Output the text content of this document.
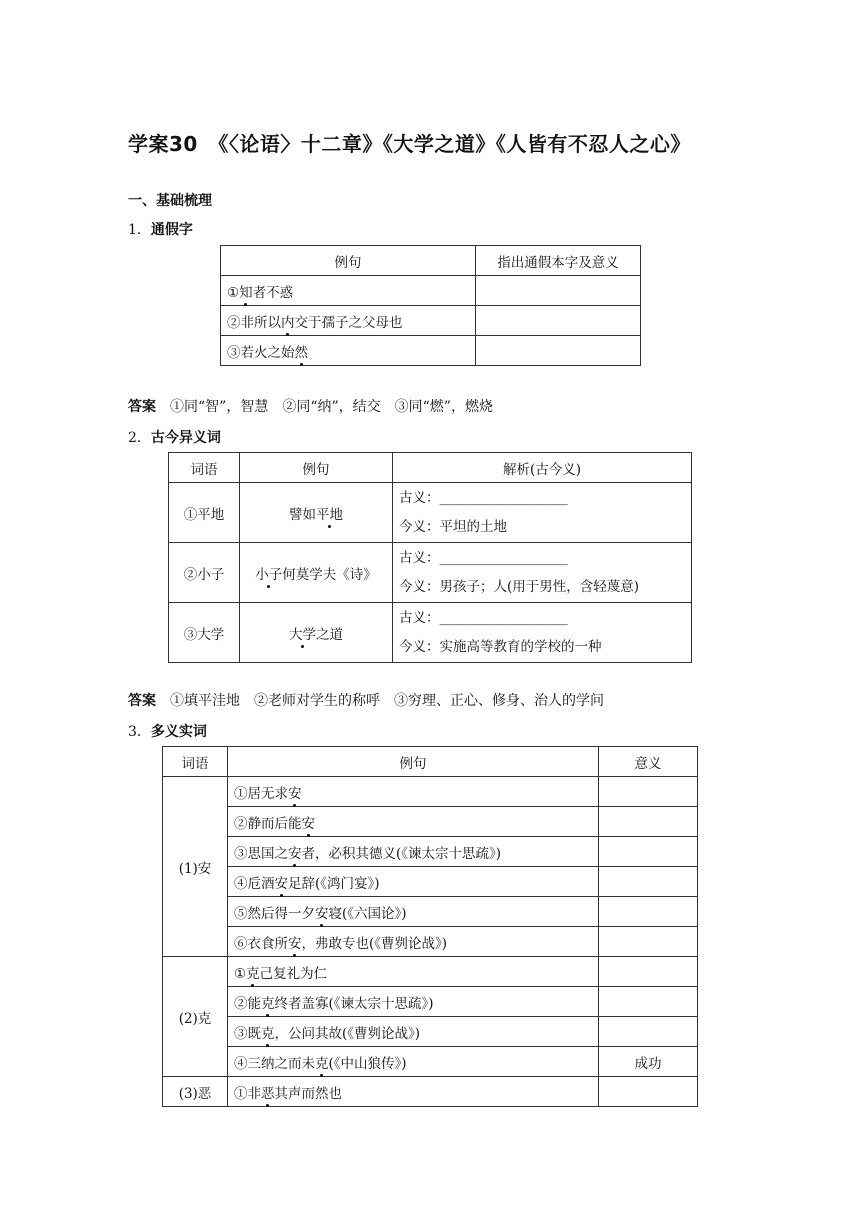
学案30　《〈论语〉十二章》《大学之道》《人皆有不忍人之心》
一、基础梳理
1．通假字
例句	指出通假本字及意义
①知者不惑	
②非所以内交于孺子之父母也	
③若火之始然	
答案 ①同“智”，智慧　②同“纳”，结交　③同“燃”，燃烧
2．古今异义词
词语	例句	解析(古今义)
①平地	譬如平地	古义：___________________
今义：平坦的土地

②小子	小子何莫学夫《诗》	古义：___________________
今义：男孩子；人(用于男性，含轻蔑意)

③大学	大学之道	古义：___________________
今义：实施高等教育的学校的一种
答案 ①填平洼地　②老师对学生的称呼　③穷理、正心、修身、治人的学问
3．多义实词
词语	例句	意义
(1)安	①居无求安	
	②静而后能安	
	③思国之安者，必积其德义(《谏太宗十思疏》)	
	④卮酒安足辞(《鸿门宴》)	
	⑤然后得一夕安寝(《六国论》)	
	⑥衣食所安，弗敢专也(《曹刿论战》)	
(2)克	①克己复礼为仁	
	②能克终者盖寡(《谏太宗十思疏》)	
	③既克，公问其故(《曹刿论战》)	
	④三纳之而未克(《中山狼传》)	成功
(3)恶	①非恶其声而然也	
